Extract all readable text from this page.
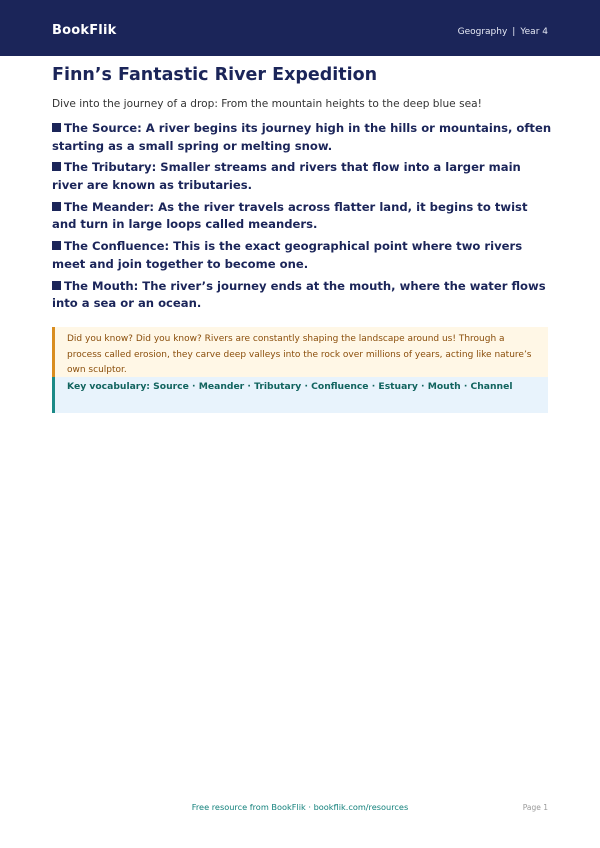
BookFlik	Geography | Year 4
Finn’s Fantastic River Expedition

Dive into the journey of a drop: From the mountain heights to the deep blue sea!

The Source: A river begins its journey high in the hills or mountains, often starting as a small spring or melting snow.
The Tributary: Smaller streams and rivers that flow into a larger main river are known as tributaries.
The Meander: As the river travels across flatter land, it begins to twist and turn in large loops called meanders.
The Confluence: This is the exact geographical point where two rivers meet and join together to become one.
The Mouth: The river’s journey ends at the mouth, where the water flows into a sea or an ocean.
Did you know? Did you know? Rivers are constantly shaping the landscape around us! Through a process called erosion, they carve deep valleys into the rock over millions of years, acting like nature’s own sculptor.
Key vocabulary: Source · Meander · Tributary · Confluence · Estuary · Mouth · Channel
Free resource from BookFlik · bookflik.com/resources	Page 1
